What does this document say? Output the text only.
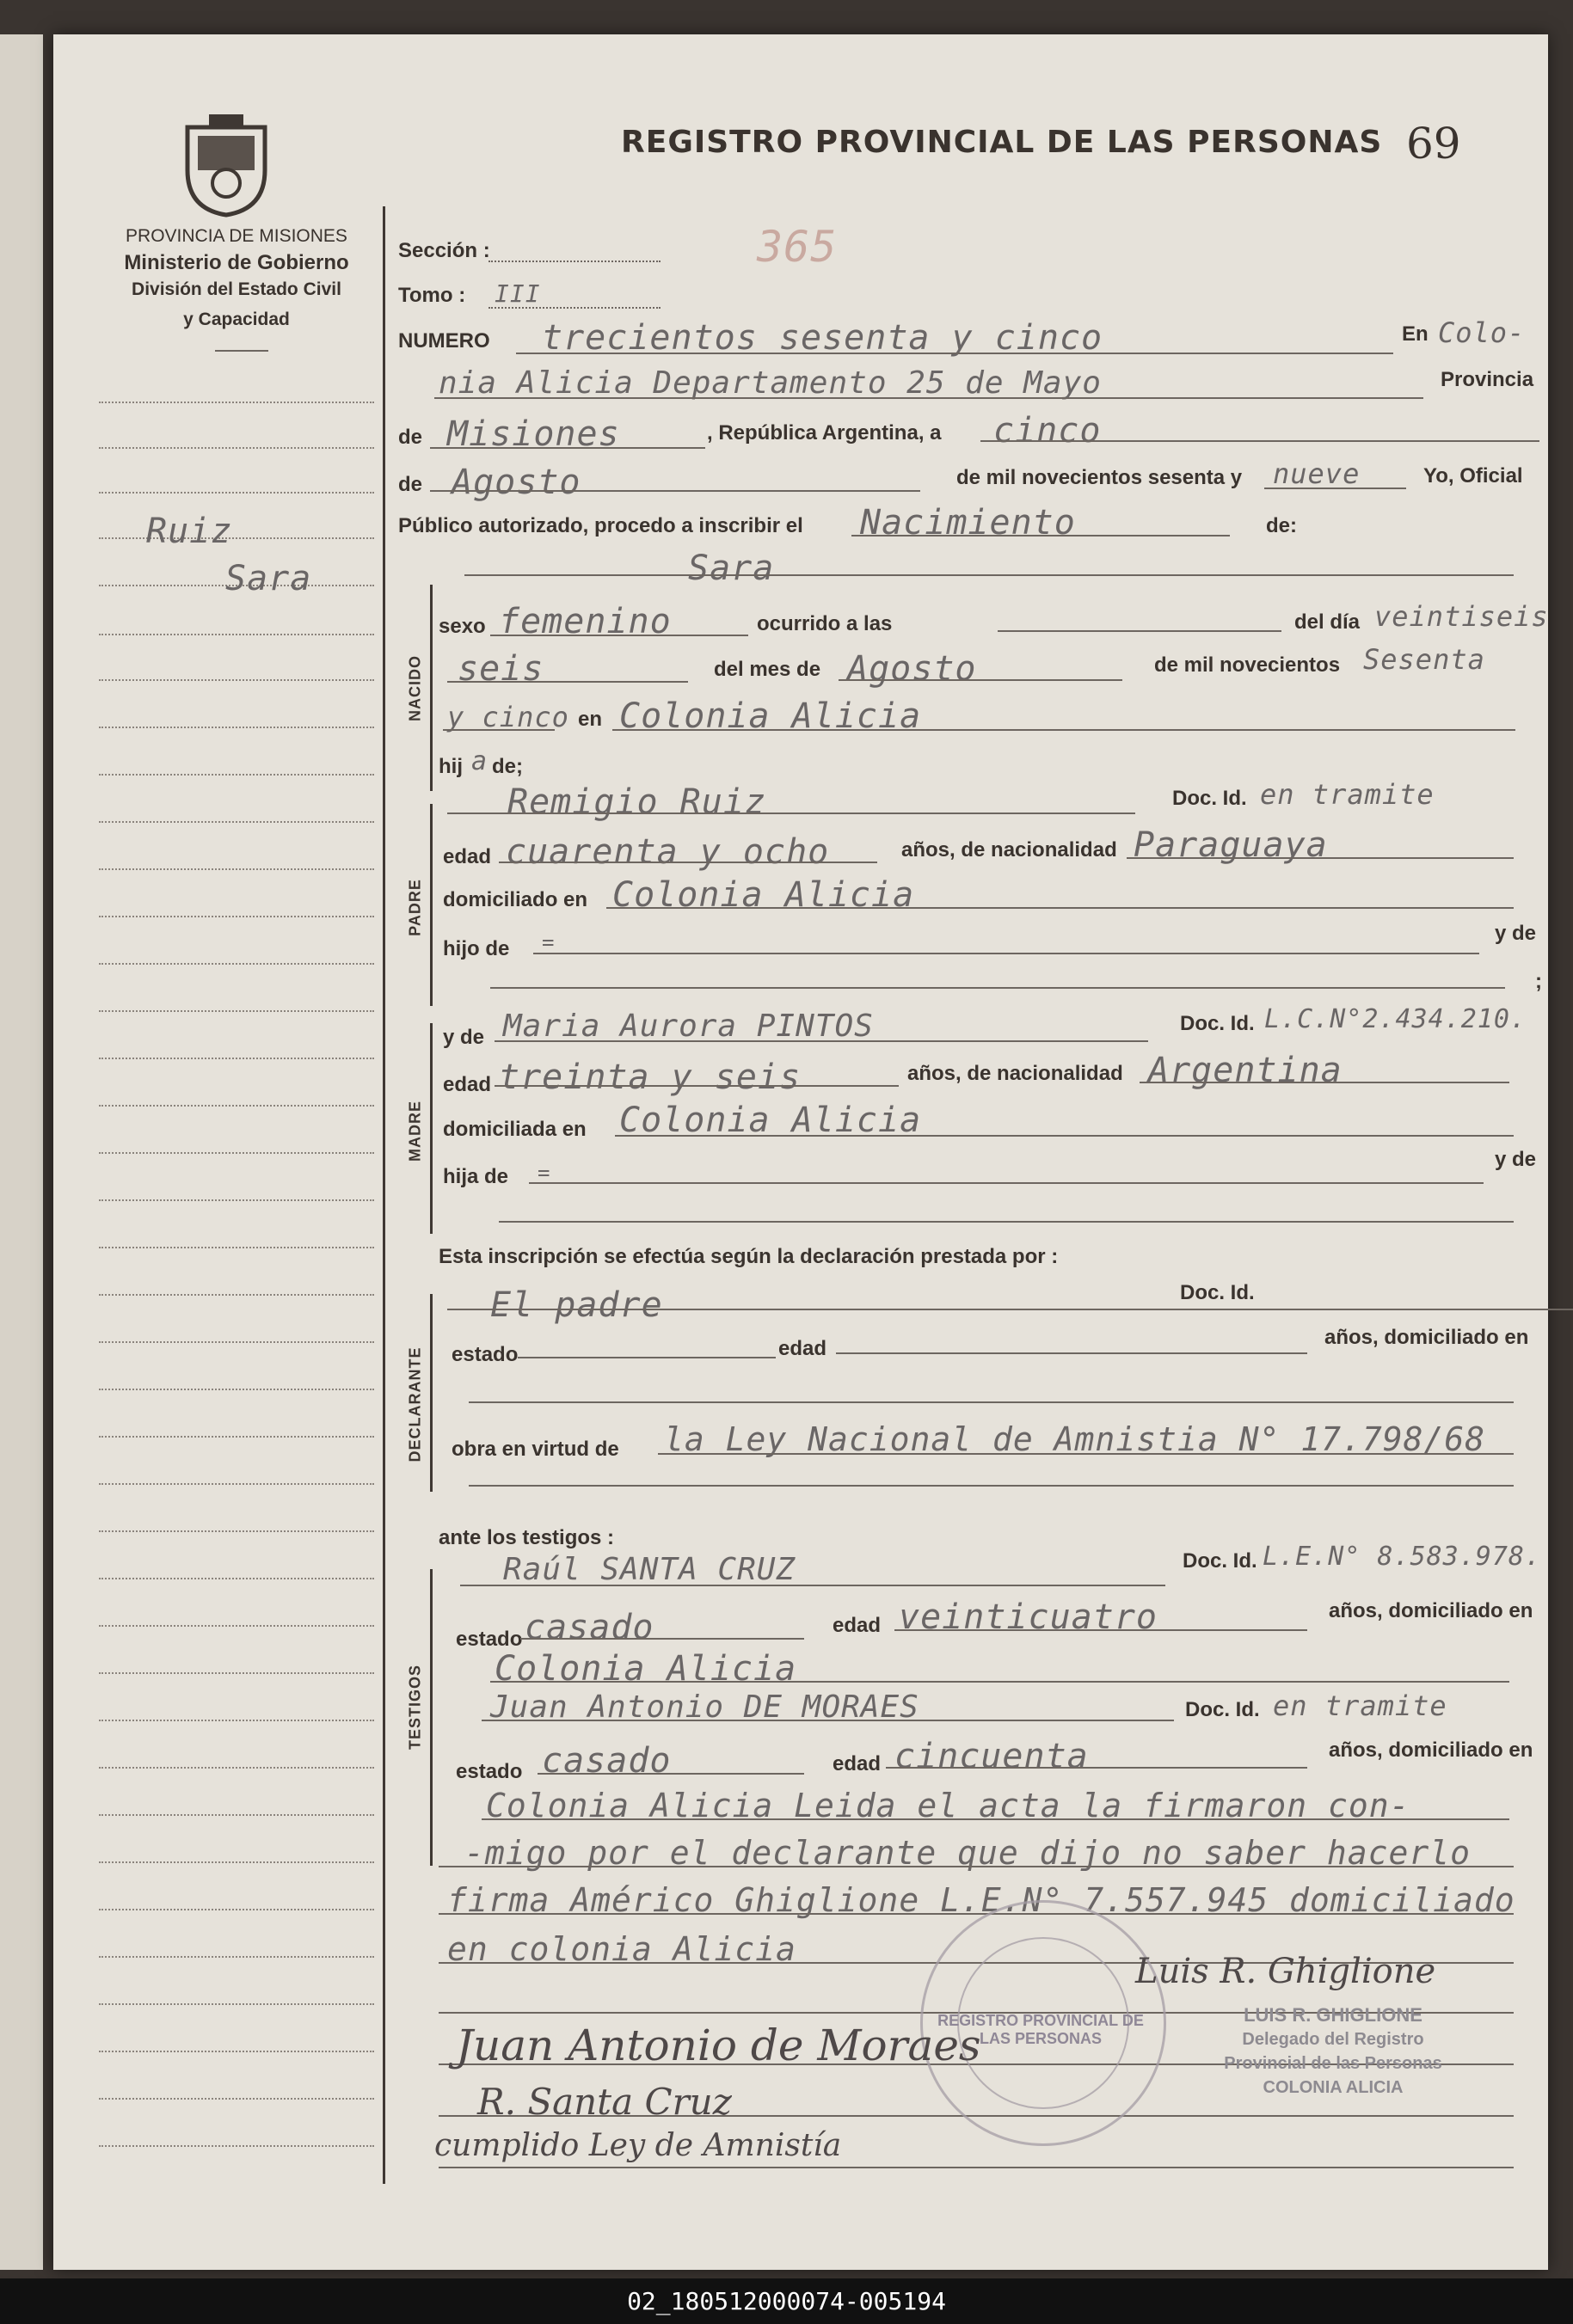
PROVINCIA DE MISIONES
Ministerio de Gobierno
División del Estado Civil
y Capacidad
REGISTRO PROVINCIAL DE LAS PERSONAS 69
365
Ruiz
Sara
Sección :
Tomo : III
NUMERO trecientos sesenta y cinco	En Colo-
nia Alicia Departamento 25 de Mayo	Provincia
de Misiones	, República Argentina, a cinco
de Agosto	de mil novecientos sesenta y nueve	Yo, Oficial
Público autorizado, procedo a inscribir el Nacimiento	de:
Sara
NACIDO
sexo femenino	ocurrido a las	del día veintiseis
seis	del mes de Agosto	de mil novecientos Sesenta
y cinco en Colonia Alicia
hij a de;
PADRE
Remigio Ruiz	Doc. Id. en tramite
edad cuarenta y ocho	años, de nacionalidad Paraguaya
domiciliado en Colonia Alicia
hijo de =	y de
;
MADRE
y de Maria Aurora PINTOS	Doc. Id. L.C.N°2.434.210.
edad treinta y seis	años, de nacionalidad Argentina
domiciliada en Colonia Alicia
hija de =
y de
Esta inscripción se efectúa según la declaración prestada por :
DECLARANTE
El padre	Doc. Id.
estado	edad	años, domiciliado en
obra en virtud de la Ley Nacional de Amnistia N° 17.798/68
ante los testigos :
TESTIGOS
Raúl SANTA CRUZ	Doc. Id. L.E.N° 8.583.978.
estado casado	edad veinticuatro	años, domiciliado en
Colonia Alicia
Juan Antonio DE MORAES	Doc. Id. en tramite
estado casado	edad cincuenta	años, domiciliado en
Colonia Alicia Leida el acta la firmaron con-
-migo por el declarante que dijo no saber hacerlo
firma Américo Ghiglione L.E.N° 7.557.945 domiciliado
en colonia Alicia
REGISTRO PROVINCIAL DE LAS PERSONAS
LUIS R. GHIGLIONE
Delegado del Registro
Provincial de las Personas
COLONIA ALICIA
Luis R. Ghiglione
Juan Antonio de Moraes
R. Santa Cruz
cumplido Ley de Amnistía
02_180512000074-005194
